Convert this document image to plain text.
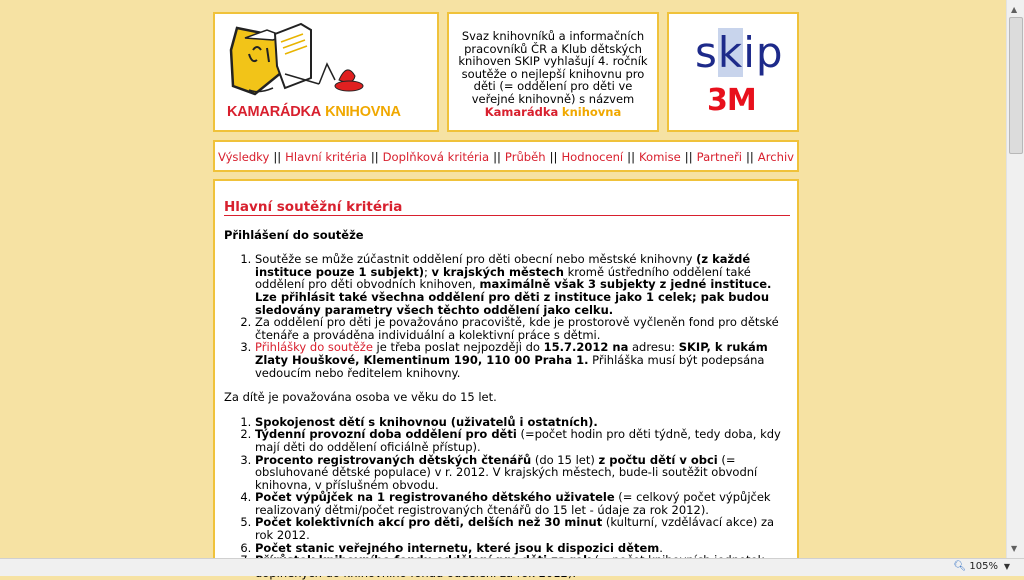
KAMARÁDKA KNIHOVNA
Svaz knihovníků a informačních pracovníků ČR a Klub dětských knihoven SKIP vyhlašují 4. ročník soutěže o nejlepší knihovnu pro děti (= oddělení pro děti ve veřejné knihovně) s názvem
Kamarádka knihovna
skip
3M
Výsledky || Hlavní kritéria || Doplňková kritéria || Průběh || Hodnocení || Komise || Partneři || Archiv
Hlavní soutěžní kritéria
Přihlášení do soutěže
1. Soutěže se může zúčastnit oddělení pro děti obecní nebo městské knihovny (z každé instituce pouze 1 subjekt); v krajských městech kromě ústředního oddělení také oddělení pro děti obvodních knihoven, maximálně však 3 subjekty z jedné instituce. Lze přihlásit také všechna oddělení pro děti z instituce jako 1 celek; pak budou sledovány parametry všech těchto oddělení jako celku.
2. Za oddělení pro děti je považováno pracoviště, kde je prostorově vyčleněn fond pro dětské čtenáře a prováděna individuální a kolektivní práce s dětmi.
3. Přihlášky do soutěže je třeba poslat nejpozději do 15.7.2012 na adresu: SKIP, k rukám Zlaty Houškové, Klementinum 190, 110 00 Praha 1. Přihláška musí být podepsána vedoucím nebo ředitelem knihovny.

Za dítě je považována osoba ve věku do 15 let.

1. Spokojenost dětí s knihovnou (uživatelů i ostatních).
2. Týdenní provozní doba oddělení pro děti (=počet hodin pro děti týdně, tedy doba, kdy mají děti do oddělení oficiálně přístup).
3. Procento registrovaných dětských čtenářů (do 15 let) z počtu dětí v obci (= obsluhované dětské populace) v r. 2012. V krajských městech, bude-li soutěžit obvodní knihovna, v příslušném obvodu.
4. Počet výpůjček na 1 registrovaného dětského uživatele (= celkový počet výpůjček realizovaný dětmi/počet registrovaných čtenářů do 15 let - údaje za rok 2012).
5. Počet kolektivních akcí pro děti, delších než 30 minut (kulturní, vzdělávací akce) za rok 2012.
6. Počet stanic veřejného internetu, které jsou k dispozici dětem.
7.
▲
▼
🔍︎ 105% ▼
